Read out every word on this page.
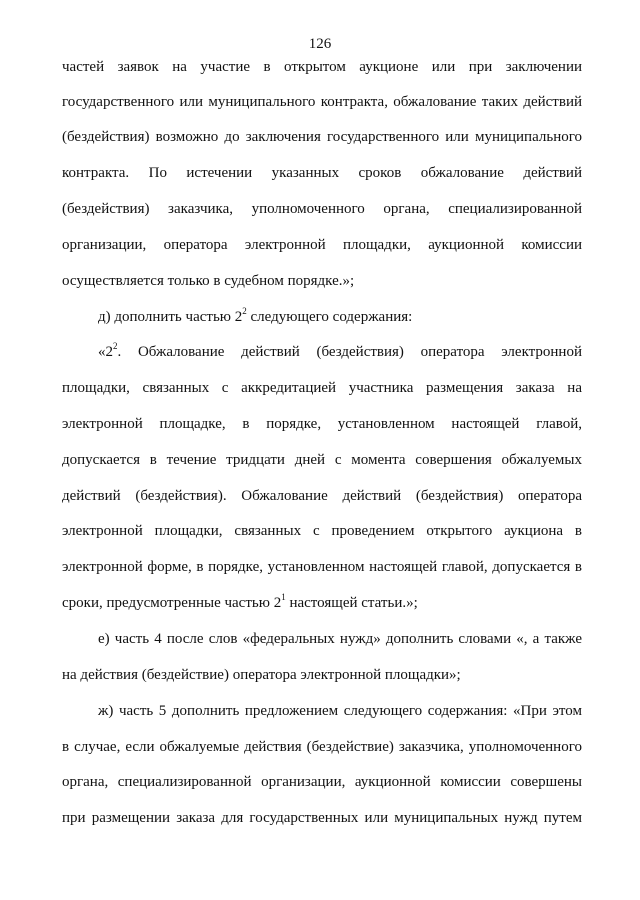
126
частей заявок на участие в открытом аукционе или при заключении
государственного или муниципального контракта, обжалование таких действий
(бездействия) возможно до заключения государственного или муниципального
контракта. По истечении указанных сроков обжалование действий
(бездействия) заказчика, уполномоченного органа, специализированной
организации, оператора электронной площадки, аукционной комиссии
осуществляется только в судебном порядке.»;
д) дополнить частью $2^2$ следующего содержания:
«$2^2$. Обжалование действий (бездействия) оператора электронной
площадки, связанных с аккредитацией участника размещения заказа на
электронной площадке, в порядке, установленном настоящей главой,
допускается в течение тридцати дней с момента совершения обжалуемых
действий (бездействия). Обжалование действий (бездействия) оператора
электронной площадки, связанных с проведением открытого аукциона в
электронной форме, в порядке, установленном настоящей главой, допускается в
сроки, предусмотренные частью $2^1$ настоящей статьи.»;
е) часть 4 после слов «федеральных нужд» дополнить словами «, а также
на действия (бездействие) оператора электронной площадки»;
ж) часть 5 дополнить предложением следующего содержания: «При этом
в случае, если обжалуемые действия (бездействие) заказчика, уполномоченного
органа, специализированной организации, аукционной комиссии совершены
при размещении заказа для государственных или муниципальных нужд путем
